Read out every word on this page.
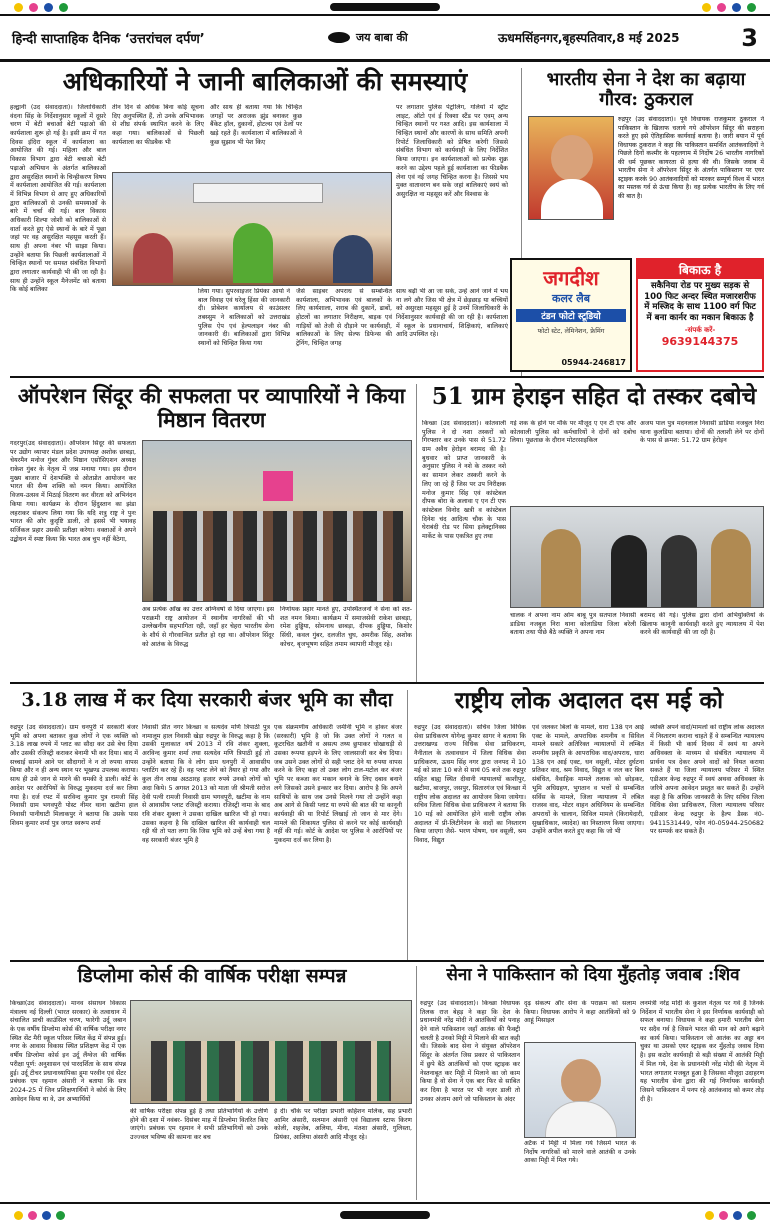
हिन्दी साप्ताहिक दैनिक ‘उत्तरांचल दर्पण’	जय बाबा की	ऊधमसिंहनगर,बृहस्पतिवार,8 मई 2025	3
अधिकारियों ने जानी बालिकाओं की समस्याएं
हल्द्वानी (उद संवाददाता)। जिलाधिकारी वंदना सिंह के निर्देशानुसार स्कूलों में दूसरे चरण में बेटी बचाओ बेटी पढ़ाओ की कार्यशाला शुरू हो गई है। इसी क्रम में गत दिवस इंदिरा स्कूल में कार्यशाला का आयोजित की गई। महिला और बाल विकास विभाग द्वारा बेटी बचाओ बेटी पढ़ाओ अभियान के अंतर्गत बालिकाओं द्वारा असुरक्षित स्थानों के चिन्हीकरण विषय में कार्यशाला आयोजित की गई। कार्यशाला में विभिन्न विभाग से आए हुए अधिकारियों द्वारा बालिकाओं से उनकी समस्याओं के बारे में चर्चा की गई। बाल विकास अधिकारी शिल्पा जोशी को बालिकाओं से वार्ता करते हुए ऐसे स्थानों के बारे में पूछा जहां पर वह असुरक्षित महसूस करती हैं। साथ ही अपना नंबर भी साझा किया। उन्होंने बताया कि पिछली कार्यशालाओं में चिन्हित स्थानों पर समस्त संबंधित विभागों द्वारा लगातार कार्यवाही भी की जा रही है। साथ ही उन्होंने स्कूल मैनेजमेंट को बताया कि कोई बालिका
तीन दिन से अधिक बिना कोई सूचना दिए अनुपस्थित हैं, तो उनके अभिभावक से शीघ्र संपर्क स्थापित करने के लिए कहा गया। बालिकाओं से पिछली कार्यशाला का फीडबैक भी
और साथ ही बताया गया कि चिन्हित जगहों पर अराजक झुंड बनाकर कुछ बैंकेट हॉल, दुकानों, होटल्स एवं ठेलों पर खड़े रहते हैं। कार्यशाला में बालिकाओं ने कुछ सुझाव भी पेश किए
पर लगातार पुलिस पेट्रोलिंग, गलियों में स्ट्रीट लाइट, ऑटो एवं ई रिक्शा स्टैंड पर एवम् अन्य चिन्हित स्थानों पर गश्त आदि। इस कार्यशाला में चिन्हित स्थानों और कारणों के साथ समिति अपनी रिपोर्ट जिलाधिकारी को प्रेषित करेगी जिससे संबंधित विभाग को कार्यवाही के लिए निर्देशित किया जाएगा। इन कार्यशालाओं को प्रत्येक शुक्र करने का उद्देश्य पहले हुई कार्यशाला का फीडबैक लेना एवं नई जगह चिन्हित करना है। जिससे भय मुक्त वातावरण बन सके जहां बालिकाएं स्वयं को असुरक्षित ना महसूस करें और विश्वास के
लिया गया। सुपरवाइजर प्रियंका आर्या ने बाल विवाह एवं घरेलू हिंसा की जानकारी दी। प्रोबेशन कार्यालय से काउंसलर तबस्सुम ने बालिकाओं को उत्तराखंड पुलिस ऐप एवं हेल्पलाइन नंबर की जानकारी दी। बालिकाओं द्वारा विभिन्न स्थानों को चिन्हित किया गया
जैसे साइबर अपराध से सम्बन्धित कार्यशाला, अभिभावक एवं बालकों के लिए कार्यशाला, शराब की दुकानें, ढाबों, होटलों का लगातार निरीक्षण, बाइक एवं गाड़ियों को तेजी से दौड़ाने पर कार्यवाही, बालिकाओं के लिए सेल्फ डिफेन्स की ट्रेनिंग, चिन्हित जगह
साथ बढ़ीं भी आ जा सकें, उन्हें आने जाने में भय ना लगे और जिस भी क्षेत्र में छेड़छाड़ या बच्चियों को असुरक्षा महसूस हुई है उनमें जिलाधिकारी के निर्देशानुसार कार्यवाही की जा रही है। कार्यशाला में स्कूल के प्रधानाचार्य, शिक्षिकाएं, बालिकाएं आदि उपस्थित रहे।
भारतीय सेना ने देश का बढ़ाया गौरव: ठुकराल
रुद्रपुर (उद संवाददाता)। पूर्व विधायक राजकुमार ठुकराल ने पाकिस्तान के खिलाफ चलाये गये ऑपरेशन सिंदूर की सराहना करते हुए इसे ऐतिहासिक कार्यवाई बताया है। जारी बयान में पूर्व विधायक ठुकराल ने कहा कि पाकिस्तान समर्थित आतंकवादियों ने पिछले दिनों कश्मीर के पहलगाम में निर्दोष 26 भारतीय नागरिकों की धर्म पूछकर कायरता से हत्या की थी। जिसके जवाब में भारतीय सेना ने ऑपरेशन सिंदूर के अंतर्गत पाकिस्तान पर एयर स्ट्राइक करके 90 आतंकवादियों को मारकर सम्पूर्ण विश्व में भारत का मस्तक गर्व से ऊंचा किया है। वह प्रत्येक भारतीय के लिए गर्व की बात है।
जगदीश
कलर लैब
टंडन फोटो स्टूडियो
फोटो स्टेट, लेमिनेशन, फ्रेमिंग
05944-246817
बिकाऊ है
सकैनिया रोड पर मुख्य सड़क से 100 फिट अन्दर स्थित मजारशरीफ में मस्जिद के साथ 1100 वर्ग फिट में बना कार्नर का मकान बिकाऊ है
-संपर्क करें-
9639144375
ऑपरेशन सिंदूर की सफलता पर व्यापारियों ने किया मिष्ठान वितरण
गदरपुर(उद संवाददाता)। ऑपरेशन सिंदूर की सफलता पर उद्योग व्यापार मंडल प्रदेश उपाध्यक्ष अशोक छाबड़ा, चेयरमैन मनोज गुंबर और मिष्ठान एसोसिएशन अध्यक्ष राकेश गुंबर के नेतृत्व में जश्न मनाया गया। इस दौरान मुख्य बाजार में देशभक्ति से ओतप्रोत आयोजन कर भारत की सैन्य शक्ति को नमन किया। आयोजित विजय-उत्सव में मिठाई वितरण कर वीरता को अभिनंदन किया गया। कार्यक्रम के दौरान हिंदुस्तान का झंडा लहराकर संकल्प लिया गया कि यदि शत्रु राष्ट्र ने पुनः भारत की ओर कुदृष्टि डाली, तो इससे भी भयावह सर्जिकल प्रहार उसकी प्रतीक्षा करेगा। वक्ताओं ने अपने उद्बोधन में स्पष्ट किया कि भारत अब चुप नहीं बैठेगा,
अब प्रत्येक आँख का उत्तर अग्निवर्षा से दिया जाएगा। इस पराक्रमी राष्ट्र आयोजन में स्थानीय नागरिकों की भी उल्लेखनीय सहभागिता रही, जहाँ हर चेहरा भारतीय सेना के शौर्य से गौरवान्वित प्रतीत हो रहा था। ऑपरेशन सिंदूर को आतंक के विरुद्ध
निर्णायक प्रहार मानते हुए, उपस्थितजनों ने सेना को शत-शत नमन किया। कार्यक्रम में समाजसेवी राकेश छाबड़ा, रमेश हुड्डिया, सोमनाथ छाबड़ा, दीपक हुड्डिया, किशोर सिंधी, कवल गुंबर, दलजीत चुघ, अमरीक सिंह, अशोक कोचर, बृजभूषण सहित तमाम व्यापारी मौजूद रहे।
51 ग्राम हेराइन सहित दो तस्कर दबोचे
किच्छा (उद संवाददाता)। कोतवाली पुलिस ने दो नशा तस्करों को गिरफ्तार कर उनके पास से 51.72 ग्राम अवैध हेरोइन बरामद की है। बुधवार को प्राप्त जानकारी के अनुसार पुलिस ने नशे के तस्कर नशे का सामान लेकर तस्करी करने के लिए जा रहे हैं जिस पर उप निरीक्षक मनोज कुमार सिंह एवं कांस्टेबल दीपक बोरा के अलावा ए एन टी एफ कांस्टेबल विनोद खत्री व कांस्टेबल दिनेश चंद आदित्य चौक के पास घेराबंदी रोड पर सिया इलेक्ट्रानिक्स मार्केट के पास एकत्रित हुए तथा
गई शक के होने पर मौके पर मौजूद ए एन टी एफ और कोतवाली पुलिस को कर्मचारियों ने दोनों को दबोच लिया। पूछताछ के दौरान मोटरसाइकिल
अजय पाल पुत्र मदनलाल निवासी डाडिया नजबुल निरा थाना कुलडिया बताया। दोनों की तलाशी लेने पर दोनों के पास से क्रमश: 51.72 ग्राम हेरोइन
चालक ने अपना नाम ओम बाबू पुत्र सतपाल निवासी डाडिया नजबुल निरा थाना कोलाडिया जिला बरेली बताया तथा पीछे बैठे व्यक्ति ने अपना नाम
बरामद की गई। पुलिस द्वारा दोनों अभियुक्तियों के खिलाफ कानूनी कार्यवाही करते हुए न्यायालय में पेश करने की कार्यवाही की जा रही है।
3.18 लाख में कर दिया सरकारी बंजर भूमि का सौदा
रुद्रपुर (उद संवाददाता)। ग्राम धनपुरी में सरकारी बंजर भूमि को अपना बताकर कुछ लोगों ने एक व्यक्ति को 3.18 लाख रुपये में प्लाट का सौदा कर उसे बेच दिया और उसकी रजिस्ट्री कराकर बेनामी भी कर दिया। बाद में सच्चाई सामने आने पर सौदागरों ने न तो रुपया वापस किया और न ही अन्य स्थान पर भूखण्ड उपलब्ध कराया। साथ ही उसे जान से मारने की धमकी दे डाली। कोर्ट के आदेश पर आरोपियों के विरुद्ध मुकदमा दर्ज कर लिया गया है। दर्ज रपट में सरविन्द कुमार पुत्र रामजी सिंह निवासी ग्राम भगवपुरी पोस्ट नीमर थाना खटीमा हाल निवासी पानीघाटी मिलाकपुर ने बताया कि उसके पास शिवम कुमार शर्मा पुत्र जगत स्वरूप शर्मा
निवासी प्रीत नगर किच्छा व सत्यदेव मणि त्रिपाठी पुत्र नामालूम हाल निवासी खेड़ा रुद्रपुर के विरुद्ध कहा है कि उसकी मुलाकात वर्ष 2013 में रवि शंकर शुक्ला, अरविन्द कुमार शर्मा तथा सत्यदेव मणि त्रिपाठी हुई तो उन्होंने बताया कि वे लोग ग्राम धनपुरी में आवासीय प्लाटिंग कर रहे हैं। वह प्लाट लेने को तैयार हो गया और कुल तीन लाख अठठारह हजार रुपये उनको लोगों को अदा किये। 5 अगस्त 2013 को माता जी श्रीमती सरोज देवी पत्नी रामजी निवासी ग्राम भगवपुरी, खटीमा के नाम से आवासीय प्लाट रजिस्ट्री कराया। रजिस्ट्री नामा के बाद रवि शंकर शुक्ला ने उसका दाखिल खारिज भी हो गया। उसका कहना है कि दाखिल खारिज की कार्यवाही चल रही थी तो पता लगा कि जिस भूमि को उन्हें बेचा गया है वह सरकारी बंजर भूमि है
एक संक्रमणीय अधिकारी जमीनी भूमि न होकर बंजर (सरकारी) भूमि है जो कि उक्त लोगों ने गलत व कूटरचित खतौनी व असत्य तथ्य छुपाकर धोखाधड़ी से उसका रूपया हड़पने के लिए जालसाजी कर बेच दिया। जब उसने उक्त लोगों से सही प्लाट देने या रुपया वापस करने के लिए कहा तो उक्त लोग टाल-मटोल कर बंजर भूमि पर कब्जा कर मकान बनाने के लिए दबाव बनाने लगे जिसको उसने इन्कार कर दिया। आरोप है कि अपने साथियों के साथ जब उनसे मिलने गया तो उन्होंने कहा अब आगे से किसी प्लाट या रुपये की बात की या कानूनी कार्यवाही की या रिपोर्ट लिखाई तो जान से मार देंगे। मामले की शिकायत पुलिस से करने पर कोई कार्यवाही नहीं की गई। कोर्ट के आदेश पर पुलिस ने आरोपियों पर मुकदमा दर्ज कर लिया है।
राष्ट्रीय लोक अदालत दस मई को
रुद्रपुर (उद संवाददाता)। सचिव जिला विधिक सेवा प्राधिकरण योगेन्द्र कुमार सागर ने बताया कि उत्तराखण्ड राज्य विधिक सेवा प्राधिकरण, नैनीताल के तत्वावधान में जिला विधिक सेवा प्राधिकरण, ऊधम सिंह नगर द्वारा जनपद में 10 मई को प्रातः 10 बजे से सायं 05 बजे तक रुद्रपुर सहित बाह्य स्थित दीवानी न्यायालयों काशीपुर, खटीमा, बाजपुर, जसपुर, सितारगंज एवं किच्छा में राष्ट्रीय लोक अदालत का आयोजन किया जायेगा। सचिव जिला विधिक सेवा प्राधिकरण ने बताया कि 10 मई को आयोजित होने वाली राष्ट्रीय लोक अदालत में प्री-लिटीगेशन के वादों का निस्तारण किया जाएगा जैसे- भरण पोषण, धन वसूली, श्रम विवाद, विद्युत
एवं जलकर बिलों के मामले, धारा 138 एन आई एक्ट के मामले, अपराधिक शमनीय व सिविल मामले सकारे अतिरिक्त न्यायालयों में लम्बित शमनीय प्रकृति के आपराधिक वाद/अपराध, धारा 138 एन आई एक्ट, धन वसूली, मोटर दुर्घटना प्रतिकर वाद, श्रम विवाद, विद्युत व जल कर बिल संबंधित, वैवाहिक मामले तलाक को छोड़कर, भूमि अधिग्रहण, भुगतान व भत्तों से सम्बन्धित सर्विस के मामले, जिला न्यायालय में लंबित राजस्व वाद, मोटर वाहन अधिनियम के सम्बन्धित अपराधों के चालान, सिविल मामले (किरायेदारी, सुखाधिकार, व्यादेश) का निस्तारण किया जाएगा। उन्होंने अपील करते हुए कहा कि जो भी
व्यक्ति अपने वादों/मामलों को राष्ट्रीय लोक अदालत में निस्तारण कराना चाहते हैं वे सम्बन्धित न्यायालय में किसी भी कार्य दिवस में स्वयं या अपने अधिवक्ता के माध्यम से संबंधित न्यायालय में प्रार्थना पत्र देकर अपने वादों को नियत कराया सकते हैं या जिला न्यायालय परिसर में स्थित एडीआर केन्द्र रुद्रपुर में स्वयं अथवा अधिवक्ता के जरिये अपना आवेदन प्रस्तुत कर सकते हैं। उन्होंने कहा है कि अधिक जानकारी के लिए सचिव जिला विधिक सेवा प्राधिकरण, जिला न्यायालय परिसर एडीआर केन्द्र रुद्रपुर के हैल्प डैस्क नं0-9411531449, फोन नं0-05944-250682 पर सम्पर्क कर सकते हैं।
डिप्लोमा कोर्स की वार्षिक परीक्षा सम्पन्न
किच्छा(उद संवाददाता)। मानव संसाधन विकास मंत्रालय नई दिल्ली (भारत सरकार) के तत्वाधान में संचालित प्राची काउंसिल चरण, फारेगी उर्दू जबान के एक वर्षीय डिप्लोमा कोर्स की वार्षिक परीक्षा नगर स्थित सेंट मैरी स्कूल परिसर स्थित केंद्र में संपन्न हुई। नगर के आवास विकास स्थित प्रशिक्षण केंद्र में एक वर्षीय डिप्लोमा कोर्स इन उर्दू लैंग्वेज की वार्षिक परीक्षा पूर्ण: अनुशासन एवं पारदर्शिता के साथ संपन्न हुई। उर्दू टीचर प्रधानाध्यापिका हुमा परवीन एवं सेंटर प्रबंधक एम रहमान अंसारी ने बताया कि सत्र 2024-25 में जिन प्रशिक्षणार्थियों ने कोर्स के लिए आवेदन किया था वे, उन अभ्यार्थियों
की वार्षिक परीक्षा संपन्न हुई है तथा प्रतिभागियों के उत्तीर्ण होने की दशा में नवंबर- दिसंबर माह में डिप्लोमा वितरित किए जाएंगे। प्रबंधक एम रहमान ने सभी प्रतिभागियों को उनके उज्ज्वल भविष्य की कामना कर बच
ई दी। चौके पर परीक्षा प्रभारी कहिशन मलिक, सह प्रभारी आमिर अंसारी, सलमान अंसारी एवं विद्यालय स्टाफ किरण कोली, शहजेब, अलिया, मीना, मंतशा अंसारी, गुलिस्ता, प्रियंका, आलिया अंसारी आदि मौजूद रहे।
सेना ने पाकिस्तान को दिया मुँहतोड़ जवाब :शिव
रुद्रपुर (उद संवाददाता)। किच्छा विधायक तिलक राज बेहड़ ने कहा कि देश के प्रधानमंत्री नरेंद्र मोदी ने आतंकियों को पनाह देने वाले पाकिस्तान जहाँ आतंक की फैक्ट्री चलती है उनको मिट्टी में मिलाने की बात कही थी। जिसके बाद सेना ने संयुक्त ऑपरेशन सिंदूर के अंतर्गत जिस प्रकार से पाकिस्तान में छुपे बैठे आतंकियों को एयर स्ट्राइक कर नेस्तनाबूत कर मिट्टी में मिलाने का जो काम किया है वो सेना ने एक बार फिर से साबित कर दिया है भारत पर भी नज़र डाली तो उनका अंजाम आगे जो पाकिस्तान के अंदर
दृढ़ संकल्प और सेना के पराक्रम को सलाम किया। विधायक आरोप ने कहा आतंकियों को 9 आहूं मिसाइल
अटैक में मिट्टी मे मिला गये जिसमें भारत के निर्दोष नागरिकों को मारने वाले आतंकी व उनके आका मिट्टी में मिल गये।
लनमंत्री नरेंद्र मोदी के कुशल नेतृत्व पर गर्व है जिनके निर्देशन में भारतीय सेना ने इस निर्णायक कार्यवाही को सफल बनाया। विधायक ने कहा हमारी भारतीय सेना पर सदैव गर्व है जिसने भारत की मान को आगे बढ़ाने का कार्य किया। पाकिस्तान जो आतंक का अड्डा बन चुका था उसको एयर स्ट्राइक कर मुँहतोड़ जवाब दिया है। इस कठोर कार्यवाही से बड़ी संख्या में आतंकी मिट्टी में मिल गये, देश के प्रधानमंत्री नरेंद्र मोदी की नेतृत्व में भारत लगातार मजबूत हुआ है जिसका मौजूदा उदाहरण यह भारतीय सेना द्वारा की गई निर्णायक कार्यवाही जिसने पाकिस्तान में पनप रहे आतंकवाद को कमर तोड़ दी है।
